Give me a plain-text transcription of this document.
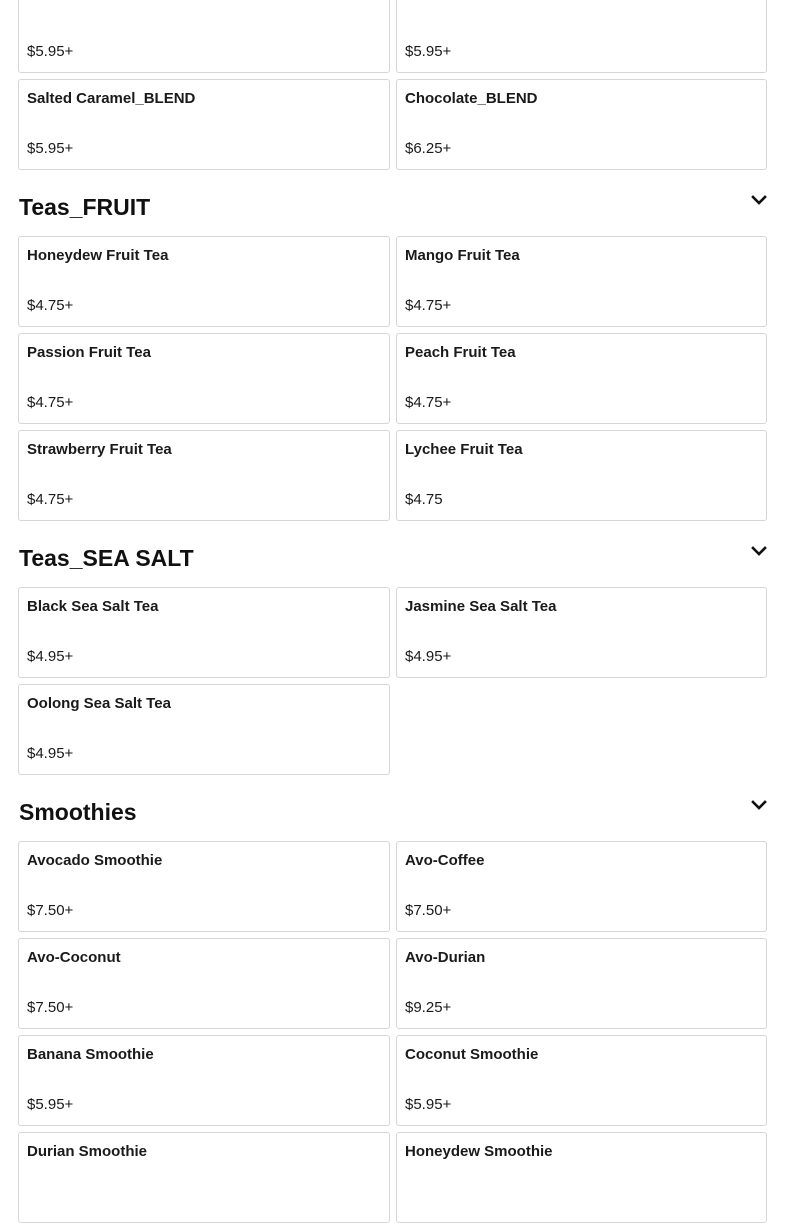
$5.95+	$5.95+
Salted Caramel_BLEND
$5.95+
Chocolate_BLEND
$6.25+
Teas_FRUIT
Honeydew Fruit Tea
$4.75+
Mango Fruit Tea
$4.75+
Passion Fruit Tea
$4.75+
Peach Fruit Tea
$4.75+
Strawberry Fruit Tea
$4.75+
Lychee Fruit Tea
$4.75
Teas_SEA SALT
Black Sea Salt Tea
$4.95+
Jasmine Sea Salt Tea
$4.95+
Oolong Sea Salt Tea
$4.95+
Smoothies
Avocado Smoothie
$7.50+
Avo-Coffee
$7.50+
Avo-Coconut
$7.50+
Avo-Durian
$9.25+
Banana Smoothie
$5.95+
Coconut Smoothie
$5.95+
Durian Smoothie	Honeydew Smoothie
